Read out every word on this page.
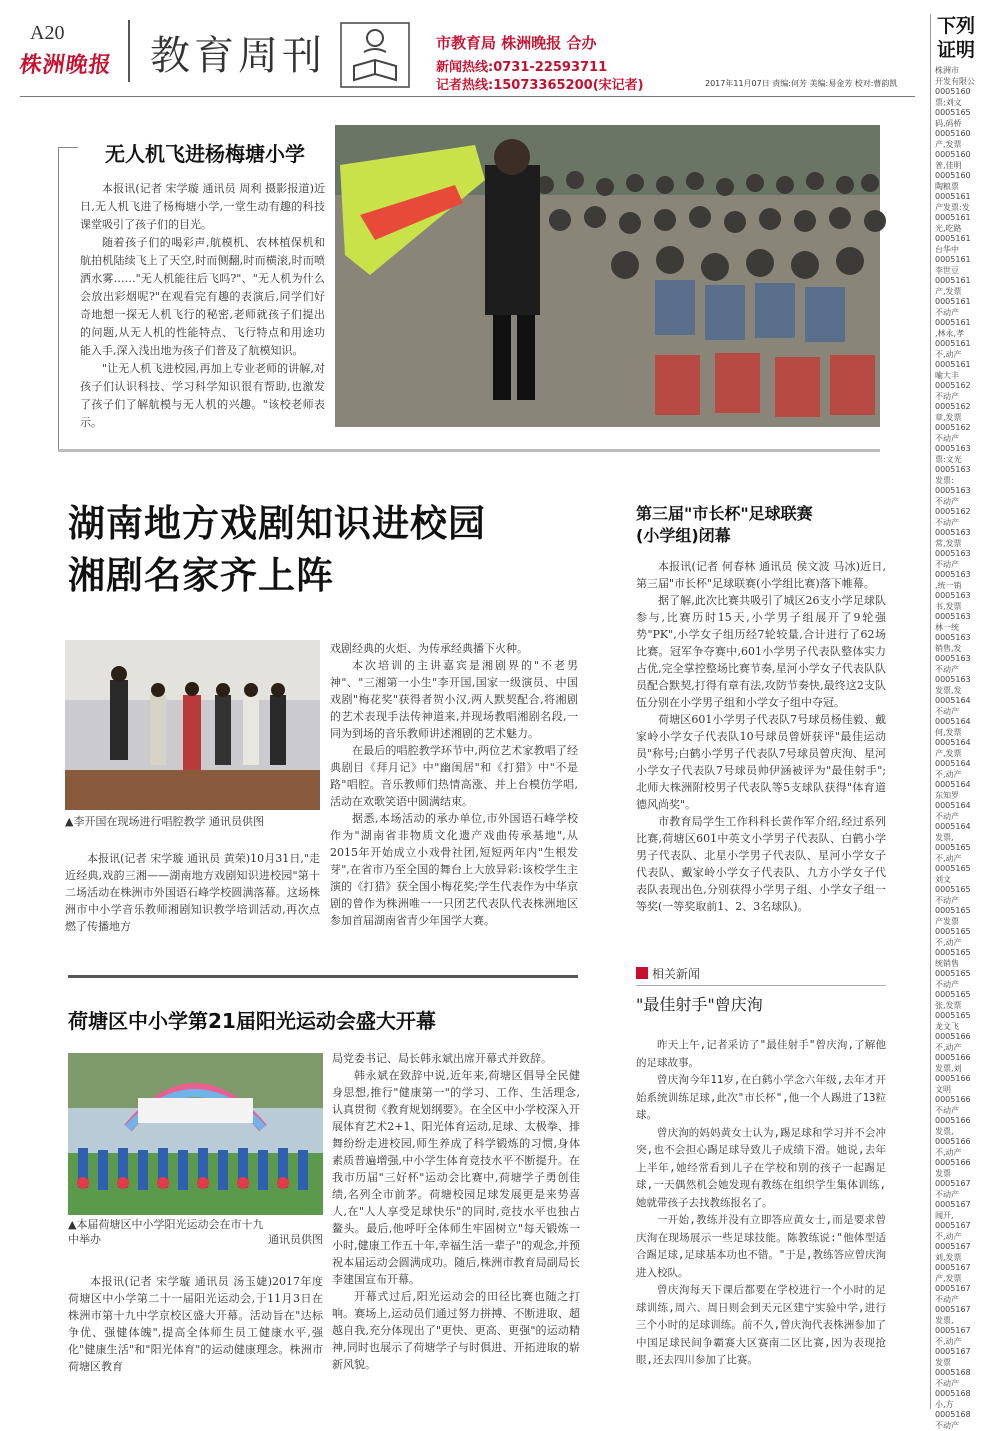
A20
株洲晚报 教育周刊	市教育局 株洲晚报 合办
新闻热线:0731-22593711
记者热线:15073365200(宋记者)	2017年11月07日 责编:何芳 美编:易金芳 校对:曹韵凯
下列
证明
株洲市
开发有限公
0005160
票;刘文
0005165
码,码桥
0005160
产,发票
0005160
普,佳明
0005160
陶粮票
0005161
产发票:发
0005161
光,吃路
0005161
台华中
0005161
李世豆
0005161
产,发票
0005161
不动产
0005161
,林永,孝
0005161
不,动产
0005161
喻大丰
0005162
不动产
0005162
章,发票
0005162
不动产
0005163
票:文光
0005163
发票:
0005163
不动产
0005162
不动产
0005163
常,发票
0005163
不动产
0005163
,统一销
0005163
书,发票
0005163
林一统
0005163
销售,发
0005163
不动产
0005163
发票,发
0005164
不动产
0005164
何,发票
0005164
产,发票
0005164
不,动产
0005164
东知罗
0005164
不动产
0005164
发票,
0005165
不,动产
0005165
刘文
0005165
不动产
0005165
产发票
0005165
不,动产
0005165
统销售
0005165
不动产
0005165
张,发票
0005165
龙文飞
0005166
不,动产
0005166
发票,刘
0005166
文明
0005166
不动产
0005166
发票,
0005166
不,动产
0005166
发票
0005167
不动产
0005167
闻开,
0005167
不,动产
0005167
刘,发票
0005167
产,发票
0005167
不动产
0005167
发票,
0005167
不,动产
0005167
发票
0005168
不动产
0005168
小,方
0005168
不动产
无人机飞进杨梅塘小学

本报讯(记者 宋学璇 通讯员 周利 摄影报道)近日,无人机飞进了杨梅塘小学,一堂生动有趣的科技课堂吸引了孩子们的目光。

随着孩子们的喝彩声,航模机、农林植保机和航拍机陆续飞上了天空,时而侧翻,时而横滚,时而喷洒水雾……"无人机能往后飞吗?"、"无人机为什么会放出彩烟呢?"在观看完有趣的表演后,同学们好奇地想一探无人机飞行的秘密,老师就孩子们提出的问题,从无人机的性能特点、飞行特点和用途功能入手,深入浅出地为孩子们普及了航模知识。

"让无人机飞进校园,再加上专业老师的讲解,对孩子们认识科技、学习科学知识很有帮助,也激发了孩子们了解航模与无人机的兴趣。"该校老师表示。

湖南地方戏剧知识进校园
湘剧名家齐上阵
▲李开国在现场进行唱腔教学 通讯员供图

本报讯(记者 宋学璇 通讯员 黄荣)10月31日,"走近经典,戏韵三湘——湖南地方戏剧知识进校园"第十二场活动在株洲市外国语石峰学校圆满落幕。这场株洲市中小学音乐教师湘剧知识教学培训活动,再次点燃了传播地方

戏剧经典的火炬、为传承经典播下火种。

本次培训的主讲嘉宾是湘剧界的"不老男神"、"三湘第一小生"李开国,国家一级演员、中国戏剧"梅花奖"获得者贺小汉,两人默契配合,将湘剧的艺术表现手法传神道来,并现场教唱湘剧名段,一同为到场的音乐教师讲述湘剧的艺术魅力。

在最后的唱腔教学环节中,两位艺术家教唱了经典剧目《拜月记》中"幽闺居"和《打猎》中"不是路"唱腔。音乐教师们热情高涨、并上台模仿学唱,活动在欢歌笑语中圆满结束。

据悉,本场活动的承办单位,市外国语石峰学校作为"湖南省非物质文化遗产戏曲传承基地",从2015年开始成立小戏骨社团,短短两年内"生根发芽",在省市乃至全国的舞台上大放异彩:该校学生主演的《打猎》获全国小梅花奖;学生代表作为中华京剧的曾作为株洲唯一一只团艺代表队代表株洲地区参加首届湖南省青少年国学大赛。

第三届"市长杯"足球联赛
(小学组)闭幕

本报讯(记者 何春林 通讯员 侯文波 马冰)近日,第三届"市长杯"足球联赛(小学组比赛)落下帷幕。

据了解,此次比赛共吸引了城区26支小学足球队参与,比赛历时15天,小学男子组展开了9轮强势"PK",小学女子组历经7轮较量,合计进行了62场比赛。冠军争夺赛中,601小学男子代表队整体实力占优,完全掌控整场比赛节奏,星河小学女子代表队队员配合默契,打得有章有法,攻防节奏快,最终这2支队伍分别在小学男子组和小学女子组中夺冠。

荷塘区601小学男子代表队7号球员杨佳毅、戴家岭小学女子代表队10号球员曾妍获评"最佳运动员"称号;白鹤小学男子代表队7号球员曾庆洵、星河小学女子代表队7号球员帅伊涵被评为"最佳射手";北师大株洲附校男子代表队等5支球队获得"体育道德风尚奖"。

市教育局学生工作科科长黄作军介绍,经过系列比赛,荷塘区601中英文小学男子代表队、白鹤小学男子代表队、北星小学男子代表队、星河小学女子代表队、戴家岭小学女子代表队、九方小学女子代表队表现出色,分别获得小学男子组、小学女子组一等奖(一等奖取前1、2、3名球队)。

相关新闻
"最佳射手"曾庆洵

昨天上午,记者采访了"最佳射手"曾庆洵,了解他的足球故事。

曾庆洵今年11岁,在白鹤小学念六年级,去年才开始系统训练足球,此次"市长杯",他一个人踢进了13粒球。

曾庆洵的妈妈黄女士认为,踢足球和学习并不会冲突,也不会担心踢足球导致儿子成绩下滑。她说,去年上半年,她经常看到儿子在学校和别的孩子一起踢足球,一天偶然机会她发现有教练在组织学生集体训练,她就带孩子去找教练报名了。

一开始,教练并没有立即答应黄女士,而是要求曾庆洵在现场展示一些足球技能。陈教练说:"他体型适合踢足球,足球基本功也不错。"于是,教练答应曾庆洵进入校队。

曾庆洵每天下课后都要在学校进行一个小时的足球训练,周六、周日则会到天元区建宁实验中学,进行三个小时的足球训练。前不久,曾庆洵代表株洲参加了中国足球民间争霸赛大区赛南二区比赛,因为表现抢眼,还去四川参加了比赛。

荷塘区中小学第21届阳光运动会盛大开幕
▲本届荷塘区中小学阳光运动会在市十九
中举办	通讯员供图

本报讯(记者 宋学璇 通讯员 汤玉婕)2017年度荷塘区中小学第二十一届阳光运动会,于11月3日在株洲市第十九中学京校区盛大开幕。活动旨在"达标争优、强健体魄",提高全体师生员工健康水平,强化"健康生活"和"阳光体育"的运动健康理念。株洲市荷塘区教育

局党委书记、局长韩永斌出席开幕式并致辞。

韩永斌在致辞中说,近年来,荷塘区倡导全民健身思想,推行"健康第一"的学习、工作、生活理念,认真贯彻《教育规划纲要》。在全区中小学校深入开展体育艺术2+1、阳光体育运动,足球、太极拳、排舞纷纷走进校园,师生养成了科学锻炼的习惯,身体素质普遍增强,中小学生体育竞技水平不断提升。在我市历届"三好杯"运动会比赛中,荷塘学子勇创佳绩,名列全市前茅。荷塘校园足球发展更是来势喜人,在"人人享受足球快乐"的同时,竞技水平也独占鳌头。最后,他呼吁全体师生牢固树立"每天锻炼一小时,健康工作五十年,幸福生活一辈子"的观念,并预祝本届运动会圆满成功。随后,株洲市教育局副局长李建国宣布开幕。

开幕式过后,阳光运动会的田径比赛也随之打响。赛场上,运动员们通过努力拼搏、不断进取、超越自我,充分体现出了"更快、更高、更强"的运动精神,同时也展示了荷塘学子与时俱进、开拓进取的崭新风貌。
